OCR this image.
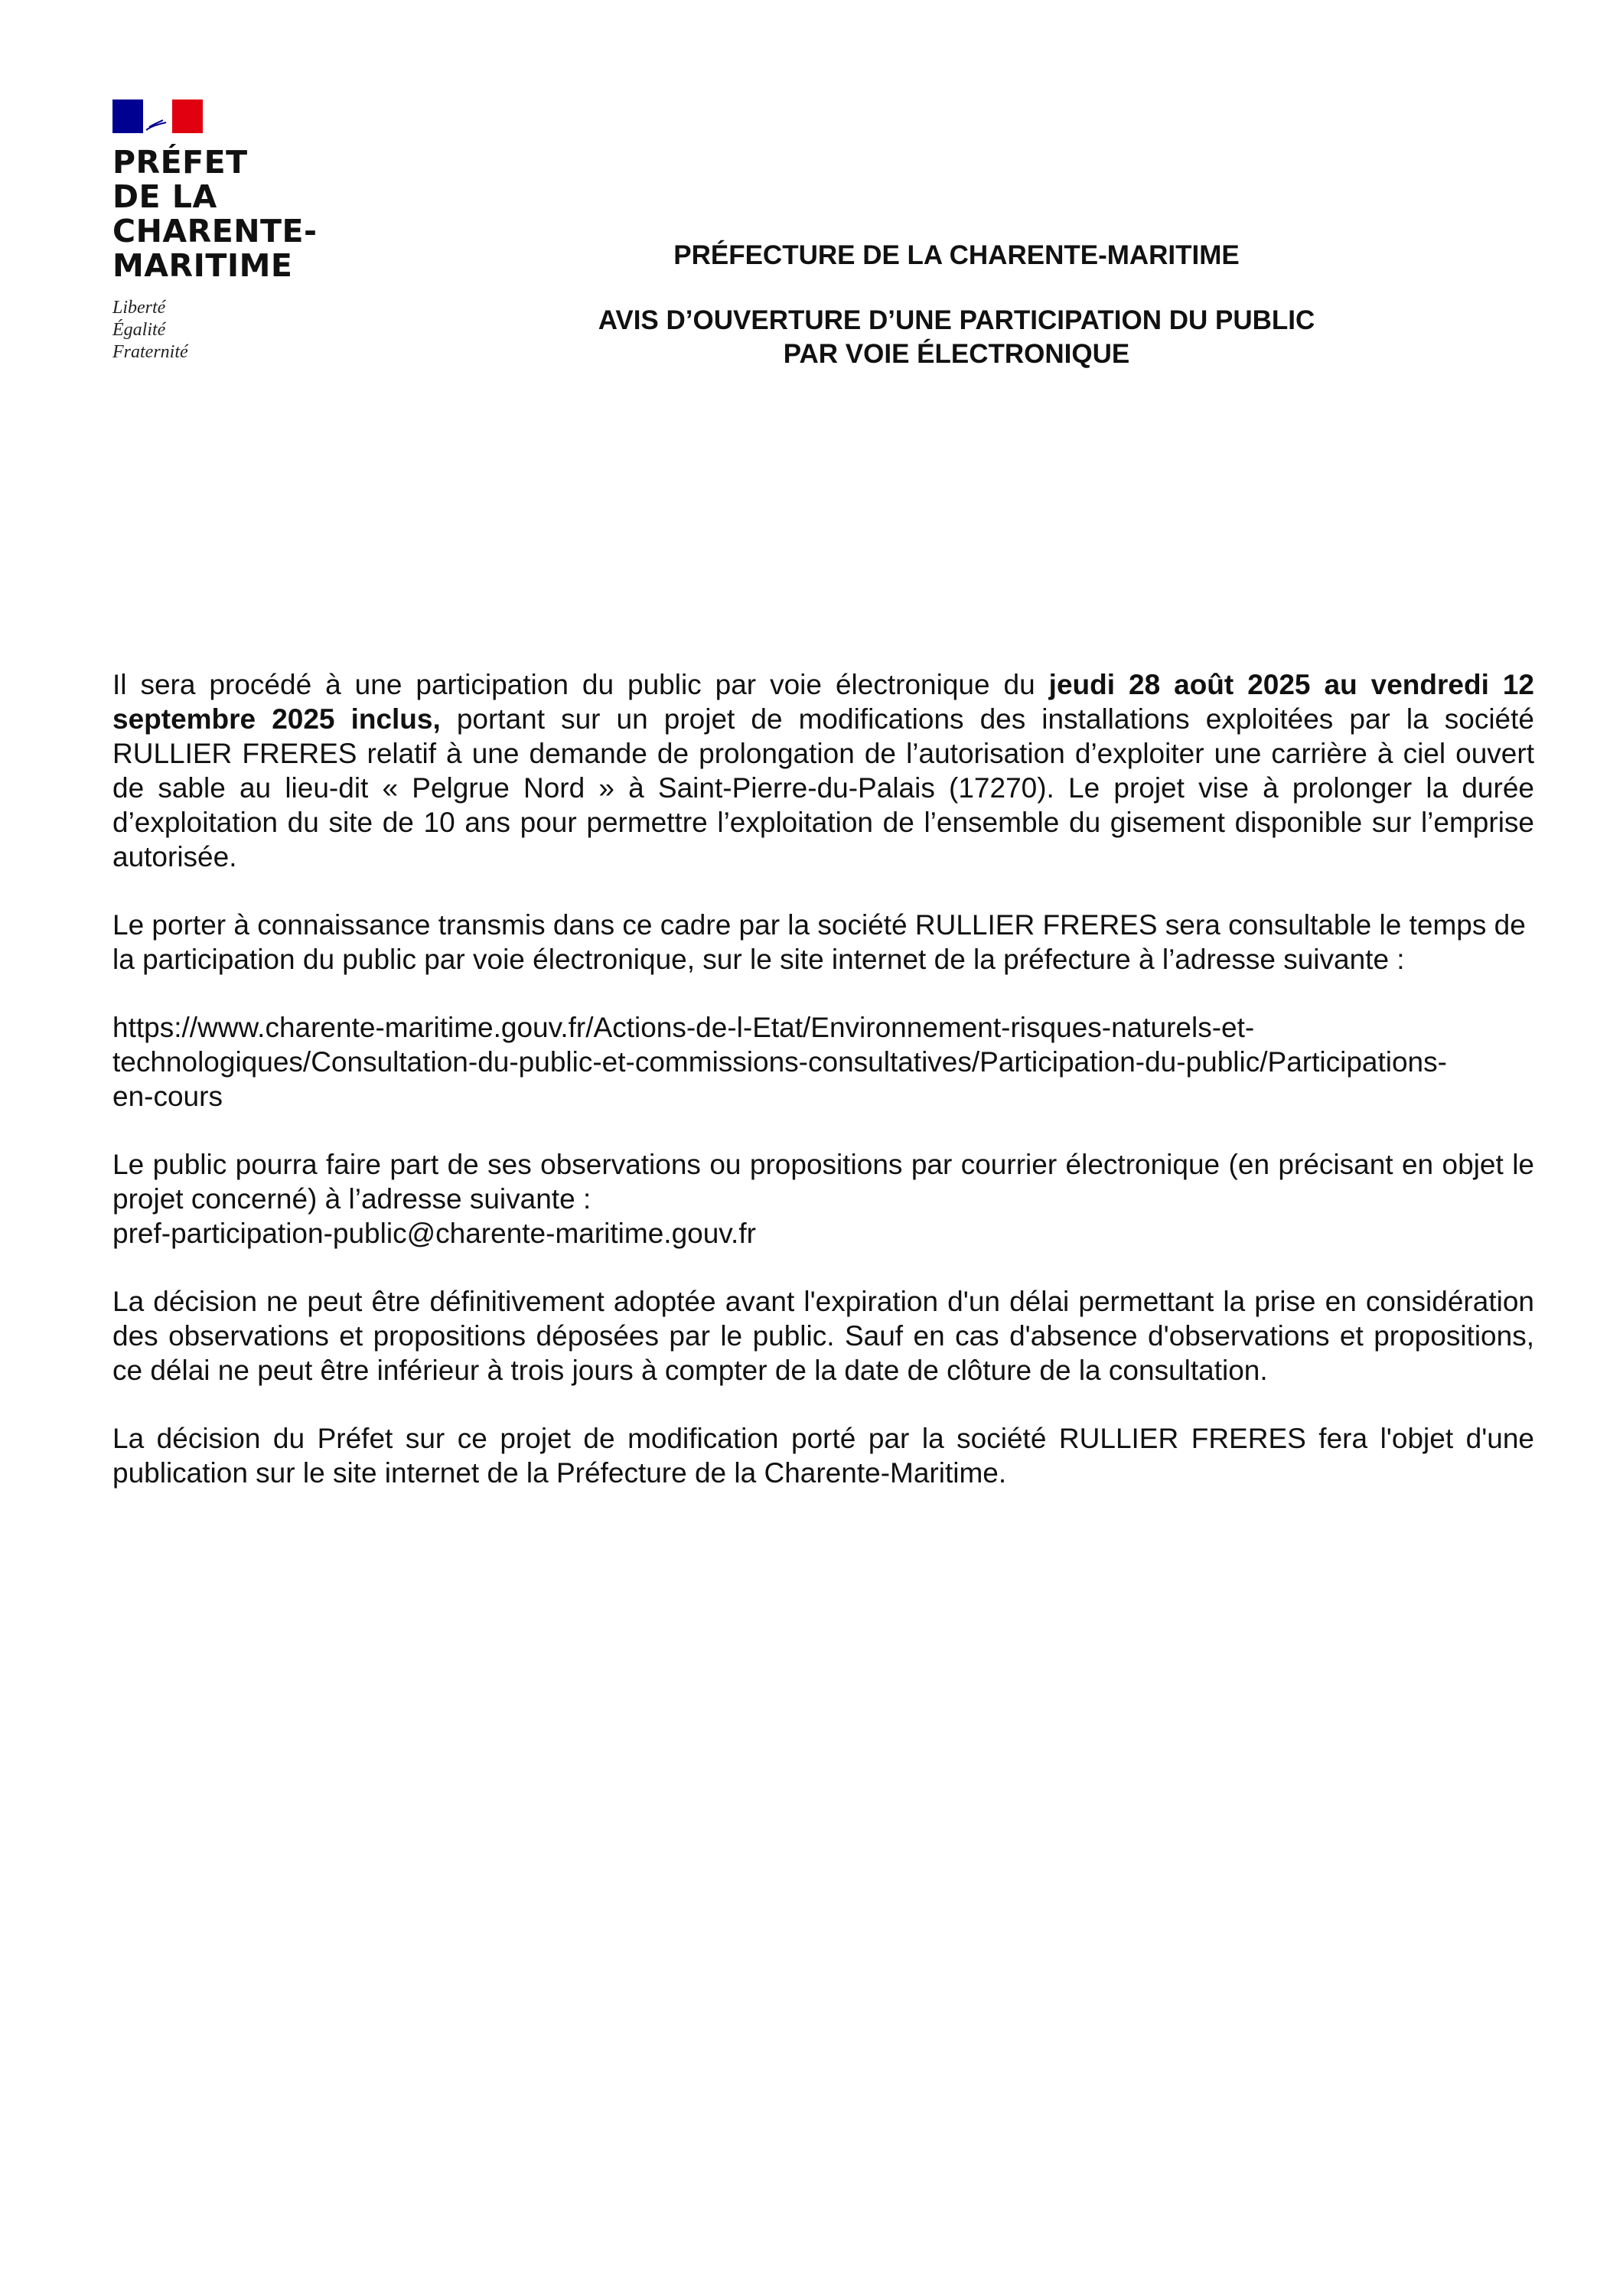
PRÉFET
DE LA
CHARENTE-
MARITIME
Liberté
Égalité
Fraternité
PRÉFECTURE DE LA CHARENTE-MARITIME
AVIS D’OUVERTURE D’UNE PARTICIPATION DU PUBLIC
PAR VOIE ÉLECTRONIQUE

Il sera procédé à une participation du public par voie électronique du jeudi 28 août 2025 au vendredi 12 septembre 2025 inclus, portant sur un projet de modifications des installations exploitées par la société RULLIER FRERES relatif à une demande de prolongation de l’autorisation d’exploiter une carrière à ciel ouvert de sable au lieu-dit « Pelgrue Nord » à Saint-Pierre-du-Palais (17270). Le projet vise à prolonger la durée d’exploitation du site de 10 ans pour permettre l’exploitation de l’ensemble du gisement disponible sur l’emprise autorisée.

Le porter à connaissance transmis dans ce cadre par la société RULLIER FRERES sera consultable le temps de la participation du public par voie électronique, sur le site internet de la préfecture à l’adresse suivante :

https://www.charente-maritime.gouv.fr/Actions-de-l-Etat/Environnement-risques-naturels-et-
technologiques/Consultation-du-public-et-commissions-consultatives/Participation-du-public/Participations-
en-cours

Le public pourra faire part de ses observations ou propositions par courrier électronique (en précisant en objet le projet concerné) à l’adresse suivante :
pref-participation-public@charente-maritime.gouv.fr

La décision ne peut être définitivement adoptée avant l'expiration d'un délai permettant la prise en considération des observations et propositions déposées par le public. Sauf en cas d'absence d'observations et propositions, ce délai ne peut être inférieur à trois jours à compter de la date de clôture de la consultation.

La décision du Préfet sur ce projet de modification porté par la société RULLIER FRERES fera l'objet d'une publication sur le site internet de la Préfecture de la Charente-Maritime.
